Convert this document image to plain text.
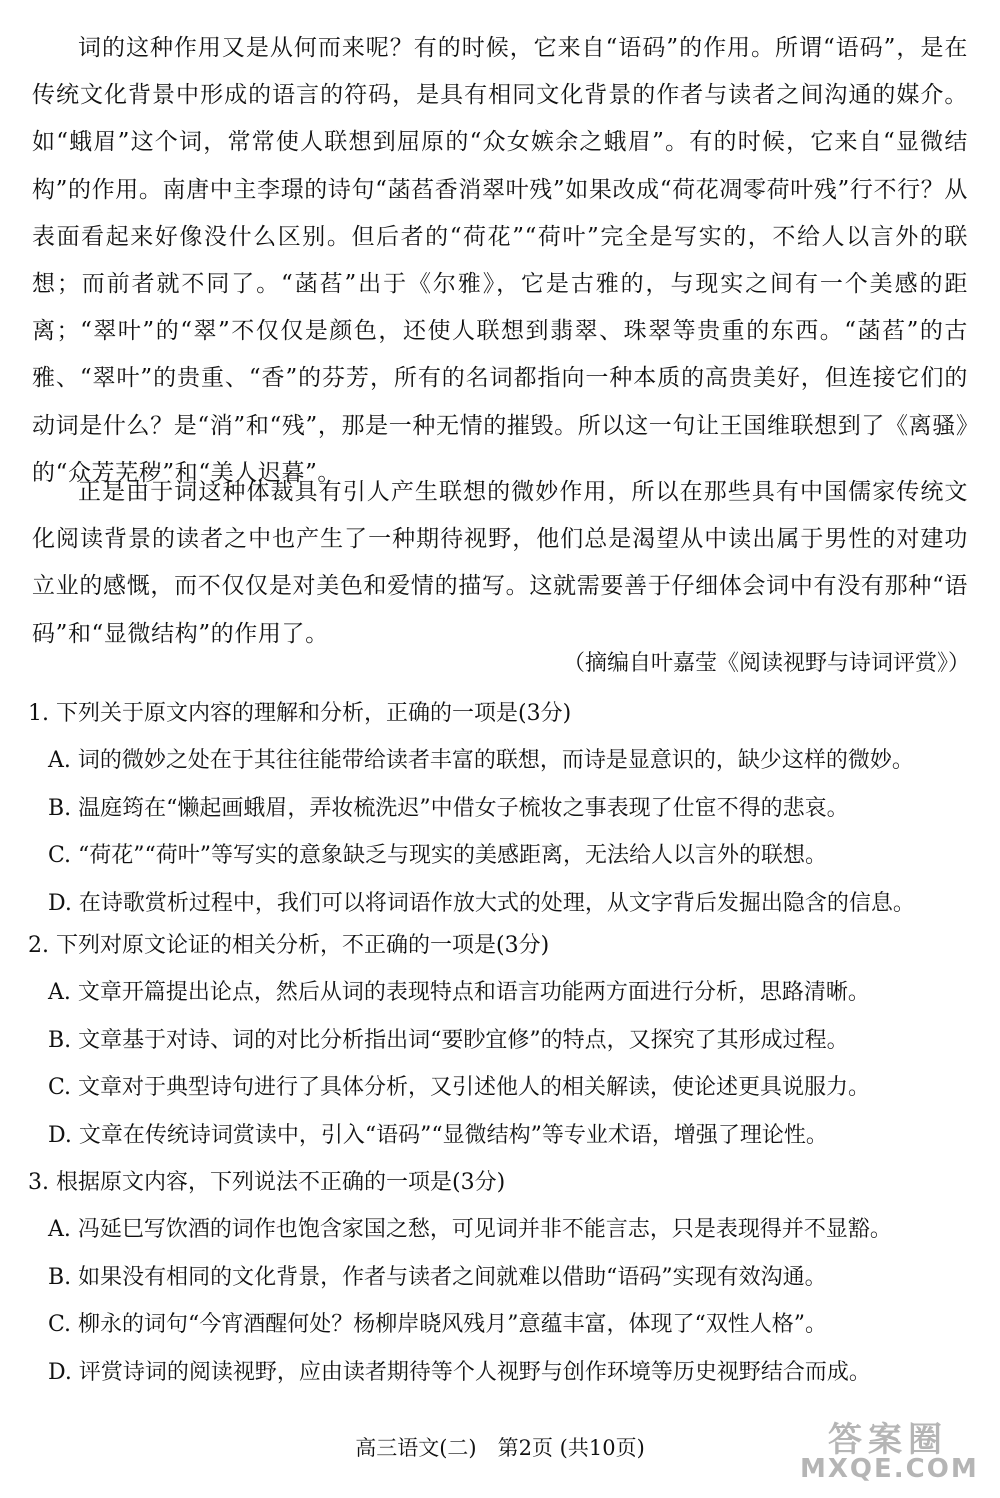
词的这种作用又是从何而来呢？有的时候，它来自“语码”的作用。所谓“语码”，是在传统文化背景中形成的语言的符码，是具有相同文化背景的作者与读者之间沟通的媒介。如“蛾眉”这个词，常常使人联想到屈原的“众女嫉余之蛾眉”。有的时候，它来自“显微结构”的作用。南唐中主李璟的诗句“菡萏香消翠叶残”如果改成“荷花凋零荷叶残”行不行？从表面看起来好像没什么区别。但后者的“荷花”“荷叶”完全是写实的，不给人以言外的联想；而前者就不同了。“菡萏”出于《尔雅》，它是古雅的，与现实之间有一个美感的距离；“翠叶”的“翠”不仅仅是颜色，还使人联想到翡翠、珠翠等贵重的东西。“菡萏”的古雅、“翠叶”的贵重、“香”的芬芳，所有的名词都指向一种本质的高贵美好，但连接它们的动词是什么？是“消”和“残”，那是一种无情的摧毁。所以这一句让王国维联想到了《离骚》的“众芳芜秽”和“美人迟暮”。

正是由于词这种体裁具有引人产生联想的微妙作用，所以在那些具有中国儒家传统文化阅读背景的读者之中也产生了一种期待视野，他们总是渴望从中读出属于男性的对建功立业的感慨，而不仅仅是对美色和爱情的描写。这就需要善于仔细体会词中有没有那种“语码”和“显微结构”的作用了。

（摘编自叶嘉莹《阅读视野与诗词评赏》）
1. 下列关于原文内容的理解和分析，正确的一项是(3分)
A. 词的微妙之处在于其往往能带给读者丰富的联想，而诗是显意识的，缺少这样的微妙。
B. 温庭筠在“懒起画蛾眉，弄妆梳洗迟”中借女子梳妆之事表现了仕宦不得的悲哀。
C. “荷花”“荷叶”等写实的意象缺乏与现实的美感距离，无法给人以言外的联想。
D. 在诗歌赏析过程中，我们可以将词语作放大式的处理，从文字背后发掘出隐含的信息。
2. 下列对原文论证的相关分析，不正确的一项是(3分)
A. 文章开篇提出论点，然后从词的表现特点和语言功能两方面进行分析，思路清晰。
B. 文章基于对诗、词的对比分析指出词“要眇宜修”的特点，又探究了其形成过程。
C. 文章对于典型诗句进行了具体分析，又引述他人的相关解读，使论述更具说服力。
D. 文章在传统诗词赏读中，引入“语码”“显微结构”等专业术语，增强了理论性。
3. 根据原文内容，下列说法不正确的一项是(3分)
A. 冯延巳写饮酒的词作也饱含家国之愁，可见词并非不能言志，只是表现得并不显豁。
B. 如果没有相同的文化背景，作者与读者之间就难以借助“语码”实现有效沟通。
C. 柳永的词句“今宵酒醒何处？杨柳岸晓风残月”意蕴丰富，体现了“双性人格”。
D. 评赏诗词的阅读视野，应由读者期待等个人视野与创作环境等历史视野结合而成。
高三语文(二)　第2页 (共10页)	答案圈
MXQE.COM
